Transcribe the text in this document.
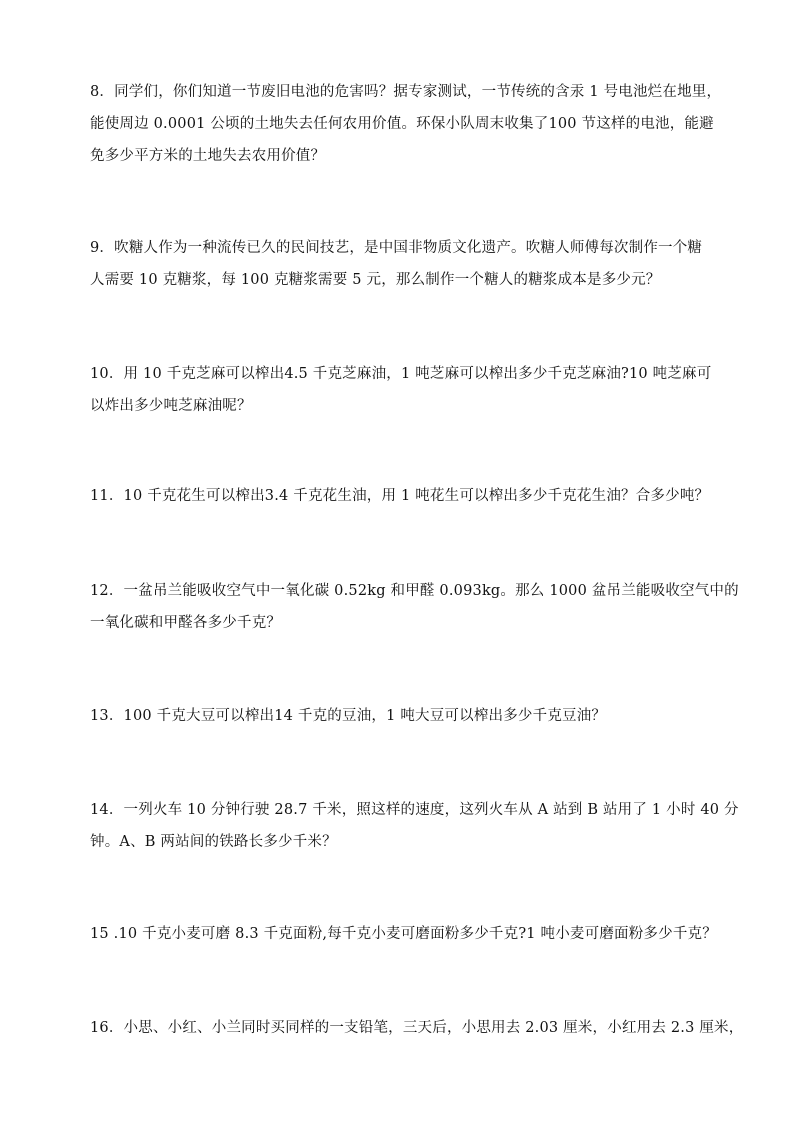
8．同学们，你们知道一节废旧电池的危害吗？据专家测试，一节传统的含汞 1 号电池烂在地里，
能使周边 0.0001 公顷的土地失去任何农用价值。环保小队周末收集了100 节这样的电池，能避
免多少平方米的土地失去农用价值？
9．吹糖人作为一种流传已久的民间技艺，是中国非物质文化遗产。吹糖人师傅每次制作一个糖
人需要 10 克糖浆，每 100 克糖浆需要 5 元，那么制作一个糖人的糖浆成本是多少元？
10．用 10 千克芝麻可以榨出4.5 千克芝麻油，1 吨芝麻可以榨出多少千克芝麻油?10 吨芝麻可
以炸出多少吨芝麻油呢？
11．10 千克花生可以榨出3.4 千克花生油，用 1 吨花生可以榨出多少千克花生油？合多少吨？
12．一盆吊兰能吸收空气中一氧化碳 0.52kg 和甲醛 0.093kg。那么 1000 盆吊兰能吸收空气中的
一氧化碳和甲醛各多少千克？
13．100 千克大豆可以榨出14 千克的豆油，1 吨大豆可以榨出多少千克豆油？
14．一列火车 10 分钟行驶 28.7 千米，照这样的速度，这列火车从 A 站到 B 站用了 1 小时 40 分
钟。A、B 两站间的铁路长多少千米？
15 .10 千克小麦可磨 8.3 千克面粉,每千克小麦可磨面粉多少千克?1 吨小麦可磨面粉多少千克？
16．小思、小红、小兰同时买同样的一支铅笔，三天后，小思用去 2.03 厘米，小红用去 2.3 厘米，
